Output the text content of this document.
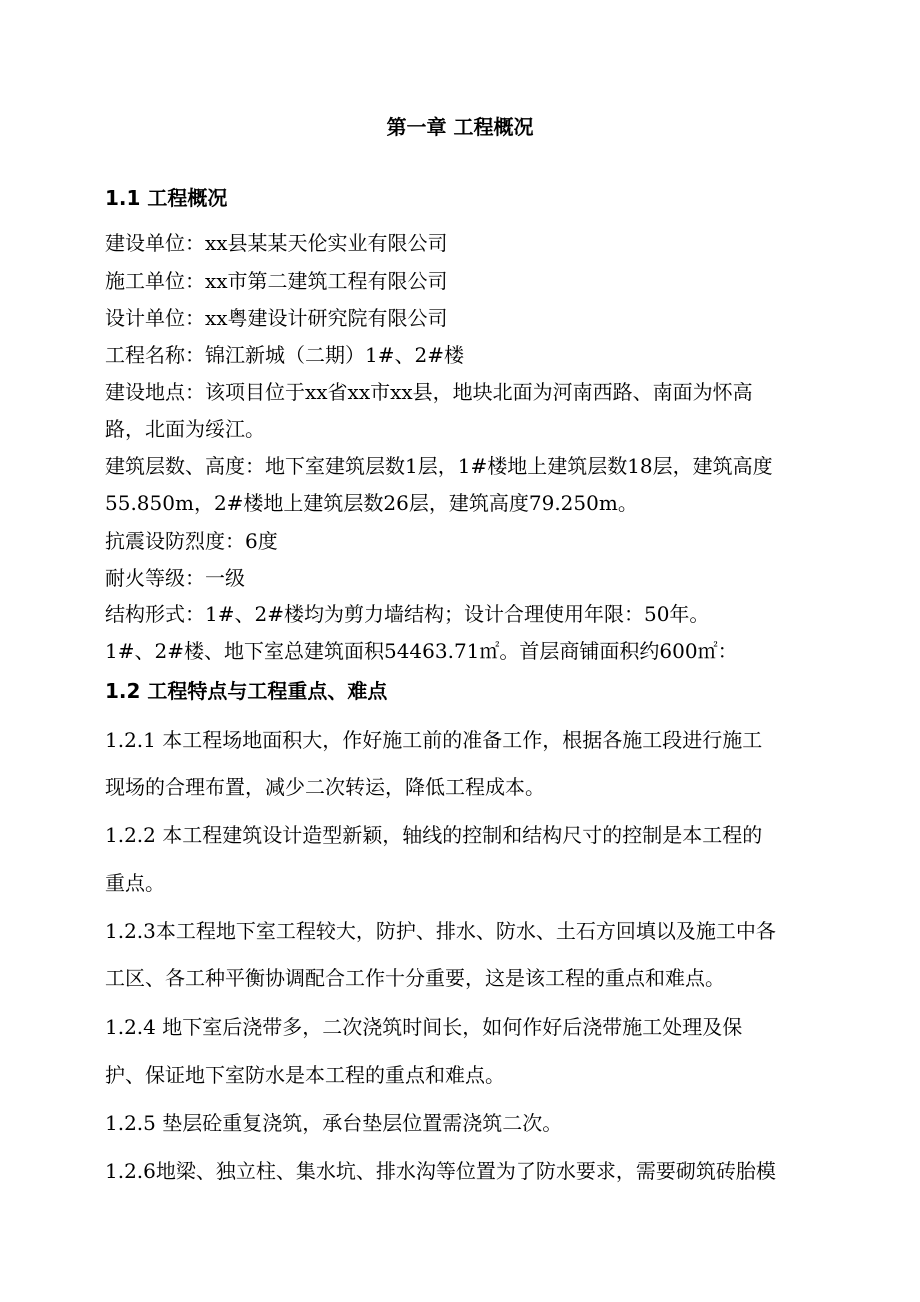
第一章 工程概况
1.1 工程概况
建设单位：xx县某某天伦实业有限公司
施工单位：xx市第二建筑工程有限公司
设计单位：xx粤建设计研究院有限公司
工程名称：锦江新城（二期）1#、2#楼
建设地点：该项目位于xx省xx市xx县，地块北面为河南西路、南面为怀高
路，北面为绥江。
建筑层数、高度：地下室建筑层数1层，1#楼地上建筑层数18层，建筑高度
55.850m，2#楼地上建筑层数26层，建筑高度79.250m。
抗震设防烈度：6度
耐火等级：一级
结构形式：1#、2#楼均为剪力墙结构；设计合理使用年限：50年。
1#、2#楼、地下室总建筑面积54463.71㎡。首层商铺面积约600㎡：
1.2 工程特点与工程重点、难点
1.2.1 本工程场地面积大，作好施工前的准备工作，根据各施工段进行施工
现场的合理布置，减少二次转运，降低工程成本。
1.2.2 本工程建筑设计造型新颖，轴线的控制和结构尺寸的控制是本工程的
重点。
1.2.3本工程地下室工程较大，防护、排水、防水、土石方回填以及施工中各
工区、各工种平衡协调配合工作十分重要，这是该工程的重点和难点。
1.2.4 地下室后浇带多，二次浇筑时间长，如何作好后浇带施工处理及保
护、保证地下室防水是本工程的重点和难点。
1.2.5 垫层砼重复浇筑，承台垫层位置需浇筑二次。
1.2.6地梁、独立柱、集水坑、排水沟等位置为了防水要求，需要砌筑砖胎模
